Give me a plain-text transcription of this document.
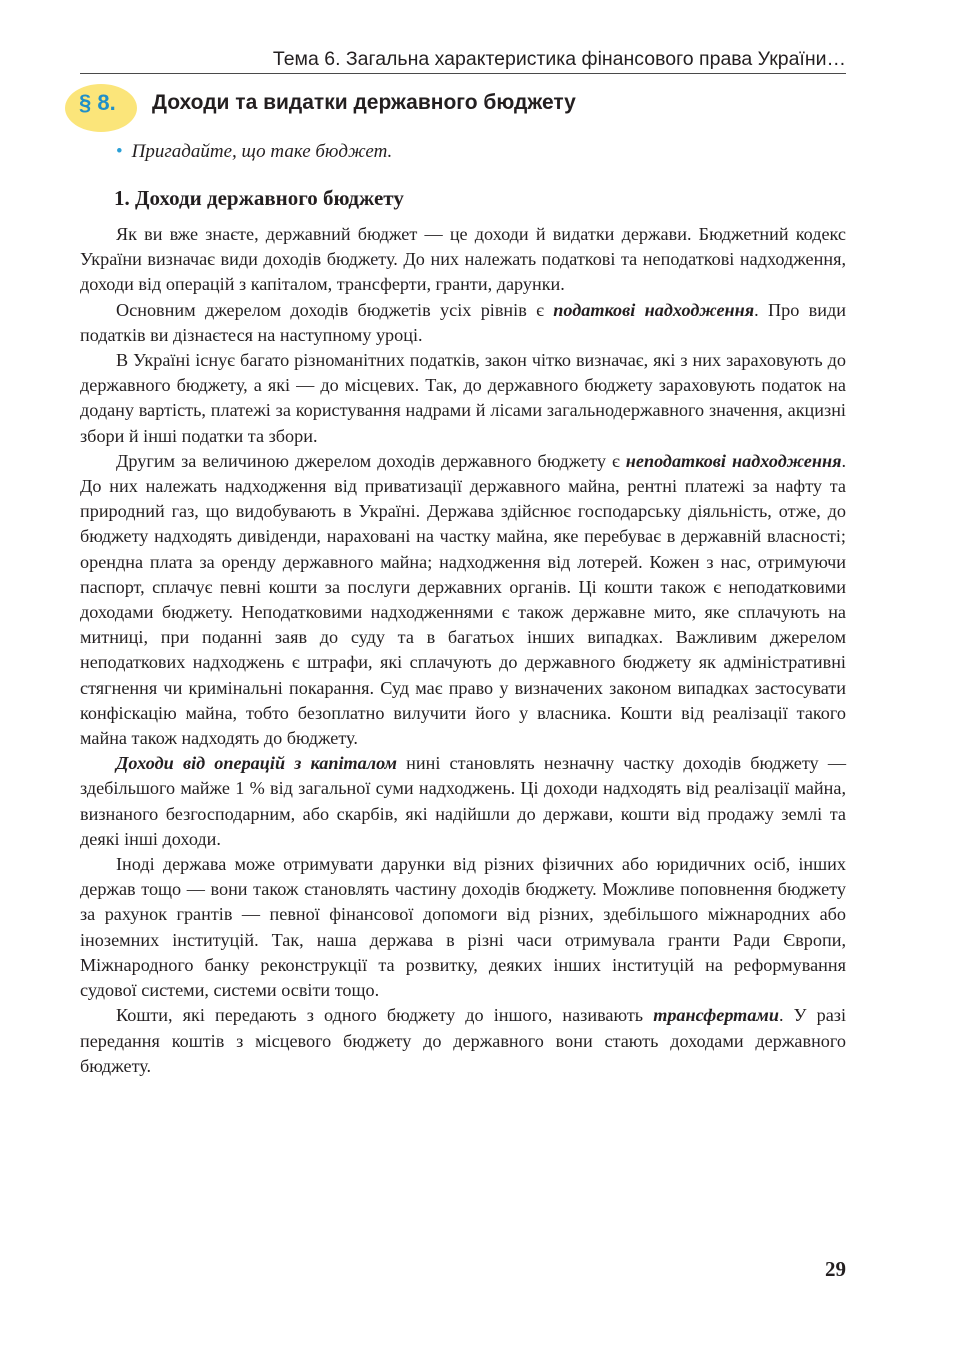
Тема 6. Загальна характеристика фінансового права України…
§ 8. Доходи та видатки державного бюджету
• Пригадайте, що таке бюджет.
1. Доходи державного бюджету

Як ви вже знаєте, державний бюджет — це доходи й видатки держави. Бюджетний кодекс України визначає види доходів бюджету. До них належать податкові та неподаткові надходження, доходи від операцій з капіталом, трансферти, гранти, дарунки.

Основним джерелом доходів бюджетів усіх рівнів є податкові надходження. Про види податків ви дізнаєтеся на наступному уроці.

В Україні існує багато різноманітних податків, закон чітко визначає, які з них зараховують до державного бюджету, а які — до місцевих. Так, до державного бюджету зараховують податок на додану вартість, платежі за користування надрами й лісами загальнодержавного значення, акцизні збори й інші податки та збори.

Другим за величиною джерелом доходів державного бюджету є неподаткові надходження. До них належать надходження від приватизації державного майна, рентні платежі за нафту та природний газ, що видобувають в Україні. Держава здійснює господарську діяльність, отже, до бюджету надходять дивіденди, нараховані на частку майна, яке перебуває в державній власності; орендна плата за оренду державного майна; надходження від лотерей. Кожен з нас, отримуючи паспорт, сплачує певні кошти за послуги державних органів. Ці кошти також є неподатковими доходами бюджету. Неподатковими надходженнями є також державне мито, яке сплачують на митниці, при поданні заяв до суду та в багатьох інших випадках. Важливим джерелом неподаткових надходжень є штрафи, які сплачують до державного бюджету як адміністративні стягнення чи кримінальні покарання. Суд має право у визначених законом випадках застосувати конфіскацію майна, тобто безоплатно вилучити його у власника. Кошти від реалізації такого майна також надходять до бюджету.

Доходи від операцій з капіталом нині становлять незначну частку доходів бюджету — здебільшого майже 1 % від загальної суми надходжень. Ці доходи надходять від реалізації майна, визнаного безгосподарним, або скарбів, які надійшли до держави, кошти від продажу землі та деякі інші доходи.

Іноді держава може отримувати дарунки від різних фізичних або юридичних осіб, інших держав тощо — вони також становлять частину доходів бюджету. Можливе поповнення бюджету за рахунок грантів — певної фінансової допомоги від різних, здебільшого міжнародних або іноземних інституцій. Так, наша держава в різні часи отримувала гранти Ради Європи, Міжнародного банку реконструкції та розвитку, деяких інших інституцій на реформування судової системи, системи освіти тощо.

Кошти, які передають з одного бюджету до іншого, називають трансфертами. У разі передання коштів з місцевого бюджету до державного вони стають доходами державного бюджету.

29
